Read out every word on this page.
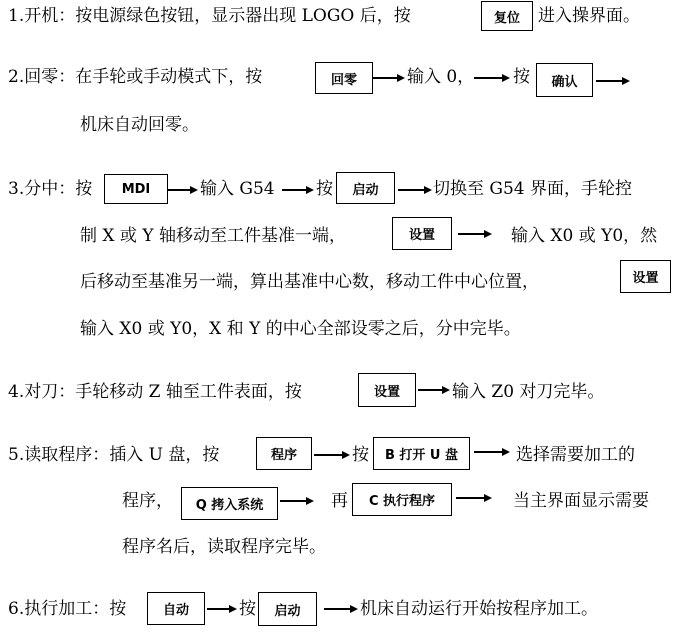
1.开机：按电源绿色按钮，显示器出现 LOGO 后，按	复位	进入操界面。
2.回零：在手轮或手动模式下，按	回零	输入 0， 按	确认
机床自动回零。
3.分中：按	MDI	输入 G54 按	启动	切换至 G54 界面，手轮控
制 X 或 Y 轴移动至工件基准一端，	设置	输入 X0 或 Y0，然
后移动至基准另一端，算出基准中心数，移动工件中心位置，	设置
输入 X0 或 Y0，X 和 Y 的中心全部设零之后，分中完毕。
4.对刀：手轮移动 Z 轴至工件表面，按	设置	输入 Z0 对刀完毕。
5.读取程序：插入 U 盘，按	程序	按	B 打开 U 盘	选择需要加工的
程序，	Q 拷入系统	再	C 执行程序	当主界面显示需要
程序名后，读取程序完毕。
6.执行加工：按	自动	按	启动	机床自动运行开始按程序加工。
